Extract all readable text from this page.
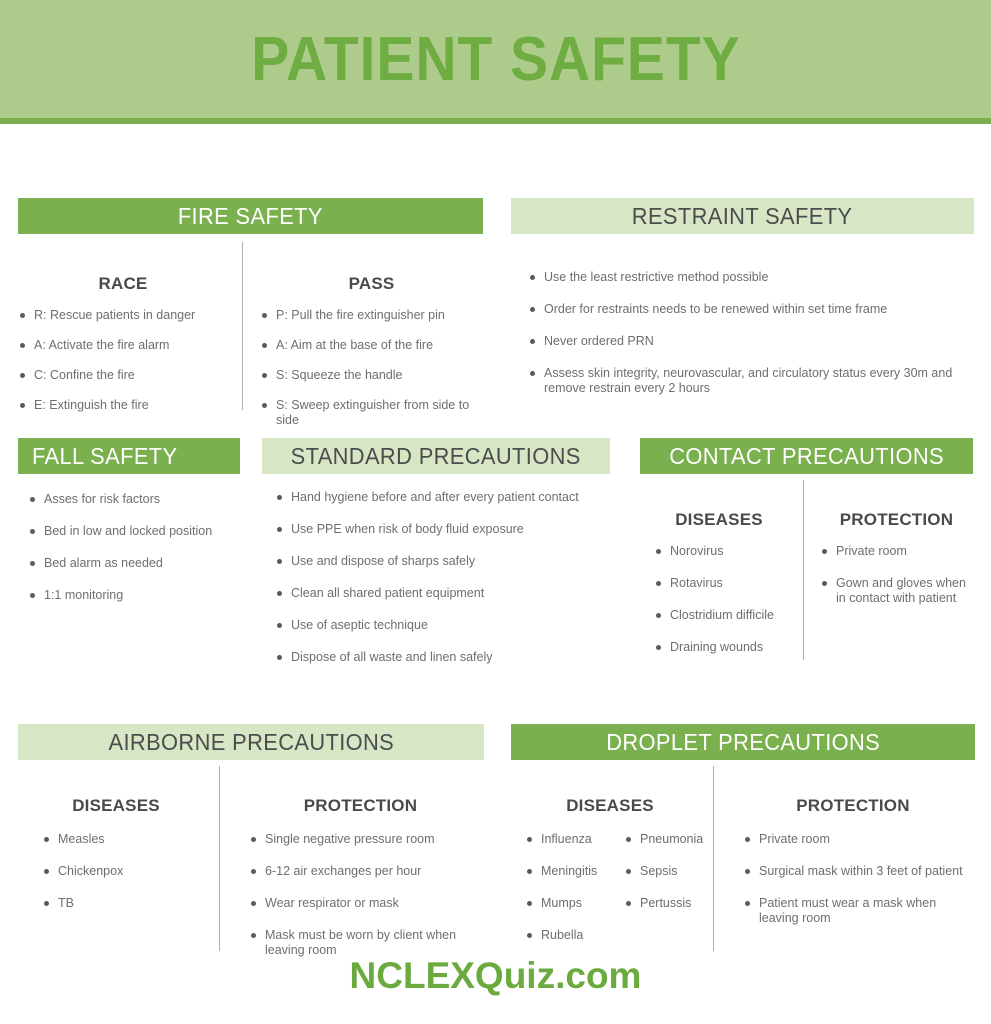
PATIENT SAFETY
FIRE SAFETY
RACE
R: Rescue patients in danger
A: Activate the fire alarm
C: Confine the fire
E: Extinguish the fire
PASS
P: Pull the fire extinguisher pin
A: Aim at the base of the fire
S: Squeeze the handle
S: Sweep extinguisher from side to side
RESTRAINT SAFETY
Use the least restrictive method possible
Order for restraints needs to be renewed within set time frame
Never ordered PRN
Assess skin integrity, neurovascular, and circulatory status every 30m and remove restrain every 2 hours
FALL SAFETY
Asses for risk factors
Bed in low and locked position
Bed alarm as needed
1:1 monitoring
STANDARD PRECAUTIONS
Hand hygiene before and after every patient contact
Use PPE when risk of body fluid exposure
Use and dispose of sharps safely
Clean all shared patient equipment
Use of aseptic technique
Dispose of all waste and linen safely
CONTACT PRECAUTIONS
DISEASES
Norovirus
Rotavirus
Clostridium difficile
Draining wounds
PROTECTION
Private room
Gown and gloves when in contact with patient
AIRBORNE PRECAUTIONS
DISEASES
Measles
Chickenpox
TB
PROTECTION
Single negative pressure room
6-12 air exchanges per hour
Wear respirator or mask
Mask must be worn by client when leaving room
DROPLET PRECAUTIONS
DISEASES
Influenza
Meningitis
Mumps
Rubella
Pneumonia
Sepsis
Pertussis
PROTECTION
Private room
Surgical mask within 3 feet of patient
Patient must wear a mask when leaving room
NCLEXQuiz.com
